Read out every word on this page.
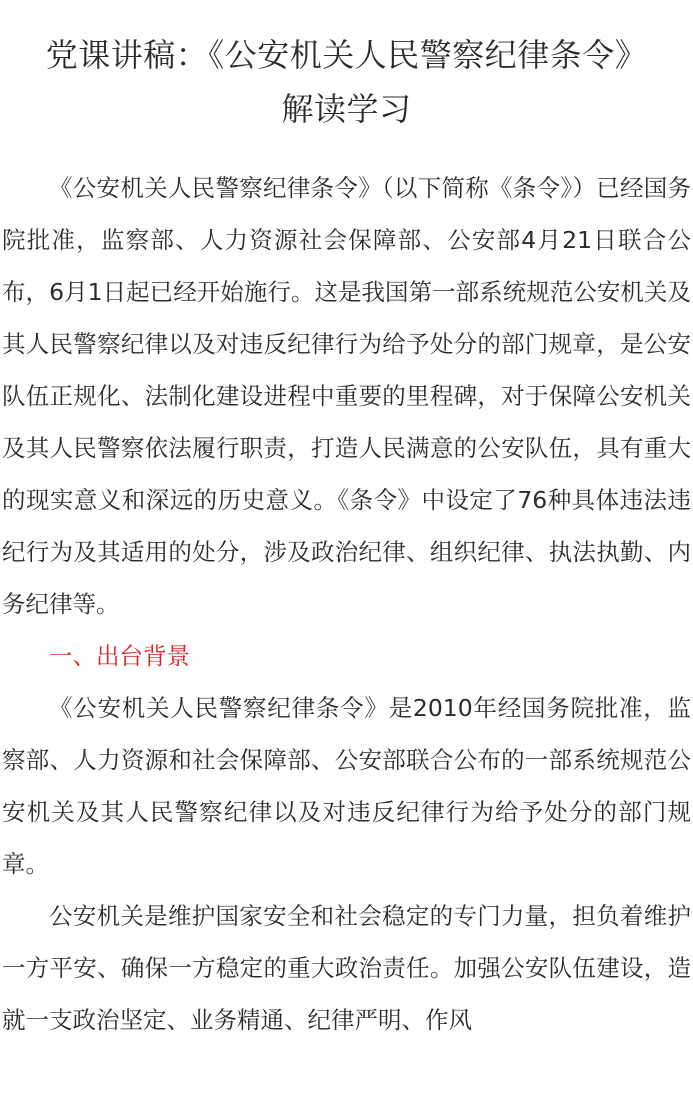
党课讲稿：《公安机关人民警察纪律条令》
解读学习

《公安机关人民警察纪律条令》（以下简称《条令》）已经国务院批准，监察部、人力资源社会保障部、公安部4月21日联合公布，6月1日起已经开始施行。这是我国第一部系统规范公安机关及其人民警察纪律以及对违反纪律行为给予处分的部门规章，是公安队伍正规化、法制化建设进程中重要的里程碑，对于保障公安机关及其人民警察依法履行职责，打造人民满意的公安队伍，具有重大的现实意义和深远的历史意义。《条令》中设定了76种具体违法违纪行为及其适用的处分，涉及政治纪律、组织纪律、执法执勤、内务纪律等。

一、出台背景

《公安机关人民警察纪律条令》是2010年经国务院批准，监察部、人力资源和社会保障部、公安部联合公布的一部系统规范公安机关及其人民警察纪律以及对违反纪律行为给予处分的部门规章。

公安机关是维护国家安全和社会稳定的专门力量，担负着维护一方平安、确保一方稳定的重大政治责任。加强公安队伍建设，造就一支政治坚定、业务精通、纪律严明、作风
